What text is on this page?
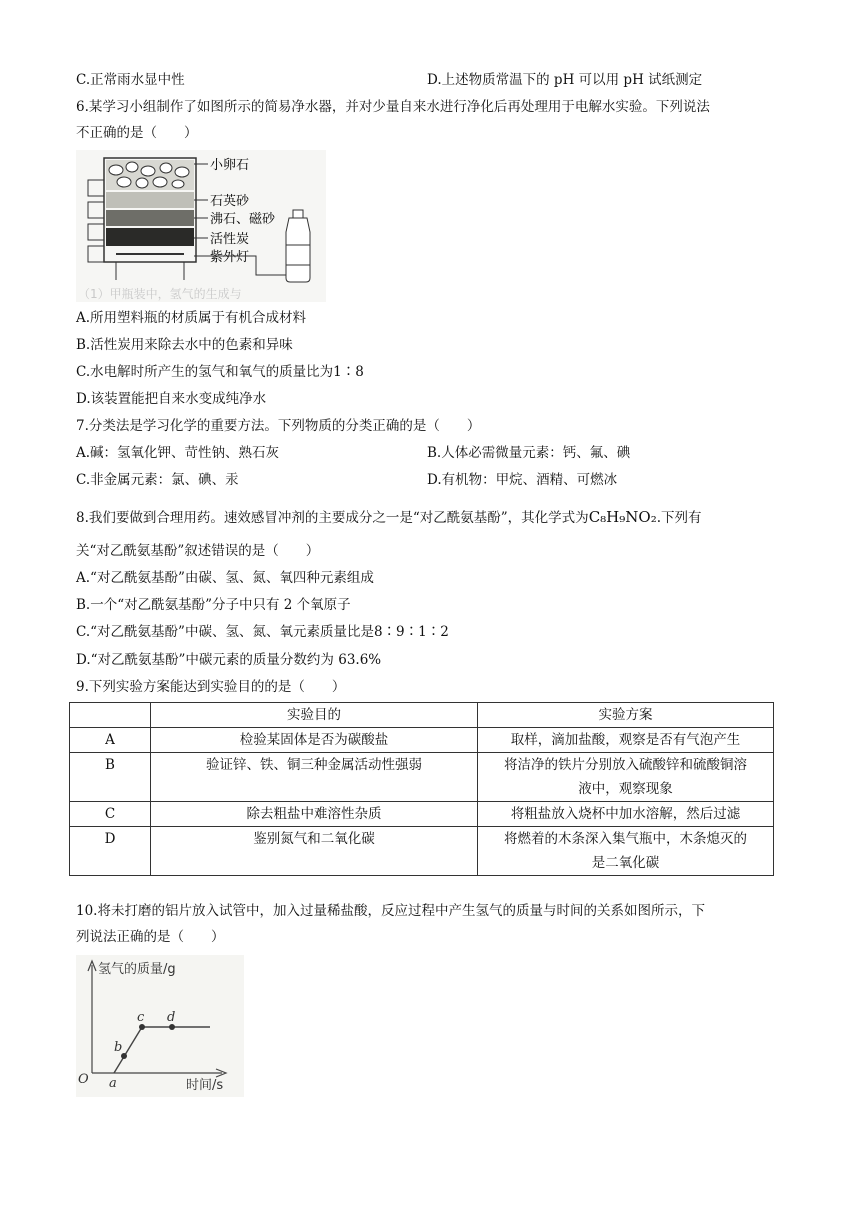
C.正常雨水显中性	D.上述物质常温下的 pH 可以用 pH 试纸测定
6.某学习小组制作了如图所示的简易净水器，并对少量自来水进行净化后再处理用于电解水实验。下列说法
不正确的是（　　）
小卵石
石英砂
沸石、磁砂
活性炭
紫外灯
（1）甲瓶装中，氢气的生成与
A.所用塑料瓶的材质属于有机合成材料
B.活性炭用来除去水中的色素和异味
C.水电解时所产生的氢气和氧气的质量比为1∶8
D.该装置能把自来水变成纯净水
7.分类法是学习化学的重要方法。下列物质的分类正确的是（　　）
A.碱：氢氧化钾、苛性钠、熟石灰	B.人体必需微量元素：钙、氟、碘
C.非金属元素：氯、碘、汞	D.有机物：甲烷、酒精、可燃冰
8.我们要做到合理用药。速效感冒冲剂的主要成分之一是“对乙酰氨基酚”，其化学式为C₈H₉NO₂.下列有
关“对乙酰氨基酚”叙述错误的是（　　）
A.“对乙酰氨基酚”由碳、氢、氮、氧四种元素组成
B.一个“对乙酰氨基酚”分子中只有 2 个氧原子
C.“对乙酰氨基酚”中碳、氢、氮、氧元素质量比是8∶9∶1∶2
D.“对乙酰氨基酚”中碳元素的质量分数约为 63.6%
9.下列实验方案能达到实验目的的是（　　）
	实验目的	实验方案
A	检验某固体是否为碳酸盐	取样，滴加盐酸，观察是否有气泡产生
B	验证锌、铁、铜三种金属活动性强弱	将洁净的铁片分别放入硫酸锌和硫酸铜溶
液中，观察现象

C	除去粗盐中难溶性杂质	将粗盐放入烧杯中加水溶解，然后过滤
D	鉴别氮气和二氧化碳	将燃着的木条深入集气瓶中，木条熄灭的
是二氧化碳
10.将未打磨的铝片放入试管中，加入过量稀盐酸，反应过程中产生氢气的质量与时间的关系如图所示，下
列说法正确的是（　　）
氢气的质量/g
时间/s
O a
b
c d
